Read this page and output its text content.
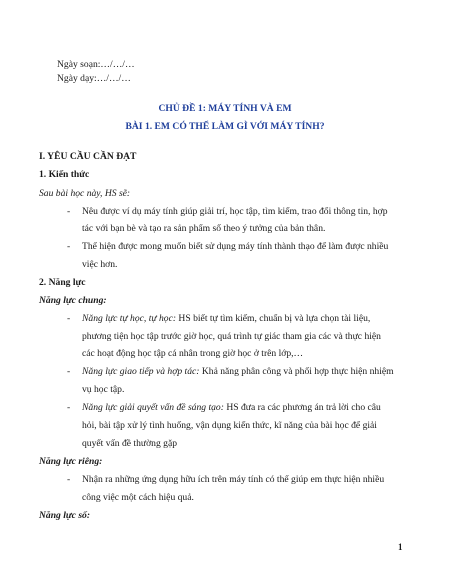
Ngày soạn:…/…/…
Ngày dạy:…/…/…
CHỦ ĐỀ 1: MÁY TÍNH VÀ EM
BÀI 1. EM CÓ THỂ LÀM GÌ VỚI MÁY TÍNH?
I. YÊU CẦU CẦN ĐẠT
1. Kiến thức
Sau bài học này, HS sẽ:
- Nêu được ví dụ máy tính giúp giải trí, học tập, tìm kiếm, trao đổi thông tin, hợp
tác với bạn bè và tạo ra sản phẩm số theo ý tưởng của bản thân.
- Thể hiện được mong muốn biết sử dụng máy tính thành thạo để làm được nhiều
việc hơn.
2. Năng lực
Năng lực chung:
- Năng lực tự học, tự học: HS biết tự tìm kiếm, chuẩn bị và lựa chọn tài liệu,
phương tiện học tập trước giờ học, quá trình tự giác tham gia các và thực hiện
các hoạt động học tập cá nhân trong giờ học ở trên lớp,…
- Năng lực giao tiếp và hợp tác: Khả năng phân công và phối hợp thực hiện nhiệm
vụ học tập.
- Năng lực giải quyết vấn đề sáng tạo: HS đưa ra các phương án trả lời cho câu
hỏi, bài tập xử lý tình huống, vận dụng kiến thức, kĩ năng của bài học để giải
quyết vấn đề thường gặp
Năng lực riêng:
- Nhận ra những ứng dụng hữu ích trên máy tính có thể giúp em thực hiện nhiều
công việc một cách hiệu quả.
Năng lực số:
1
